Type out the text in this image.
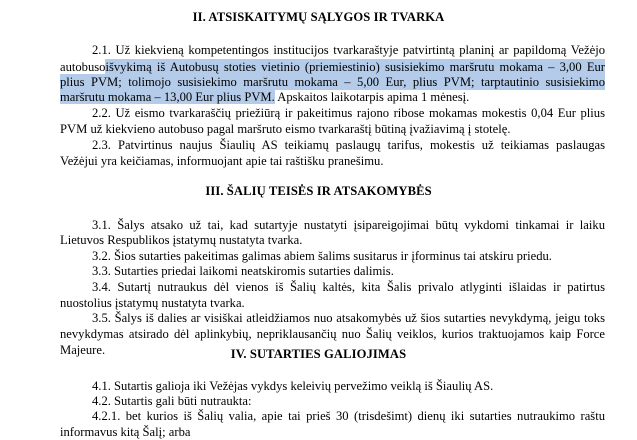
II. ATSISKAITYMŲ SĄLYGOS IR TVARKA
2.1. Už kiekvieną kompetentingos institucijos tvarkaraštyje patvirtintą planinį ar papildomą Vežėjo
autobuso išvykimą iš Autobusų stoties vietinio (priemiestinio) susisiekimo maršrutu mokama – 3,00 Eur
plius PVM; tolimojo susisiekimo maršrutu mokama – 5,00 Eur, plius PVM; tarptautinio susisiekimo
maršrutu mokama – 13,00 Eur plius PVM. Apskaitos laikotarpis apima 1 mėnesį.
2.2. Už eismo tvarkaraščių priežiūrą ir pakeitimus rajono ribose mokamas mokestis 0,04 Eur plius
PVM už kiekvieno autobuso pagal maršruto eismo tvarkaraštį būtiną įvažiavimą į stotelę.
2.3. Patvirtinus naujus Šiaulių AS teikiamų paslaugų tarifus, mokestis už teikiamas paslaugas
Vežėjui yra keičiamas, informuojant apie tai raštišku pranešimu.
III. ŠALIŲ TEISĖS IR ATSAKOMYBĖS
3.1. Šalys atsako už tai, kad sutartyje nustatyti įsipareigojimai būtų vykdomi tinkamai ir laiku
Lietuvos Respublikos įstatymų nustatyta tvarka.
3.2. Šios sutarties pakeitimas galimas abiem šalims susitarus ir įforminus tai atskiru priedu.
3.3. Sutarties priedai laikomi neatskiromis sutarties dalimis.
3.4. Sutartį nutraukus dėl vienos iš Šalių kaltės, kita Šalis privalo atlyginti išlaidas ir patirtus
nuostolius įstatymų nustatyta tvarka.
3.5. Šalys iš dalies ar visiškai atleidžiamos nuo atsakomybės už šios sutarties nevykdymą, jeigu toks
nevykdymas atsirado dėl aplinkybių, nepriklausančių nuo Šalių veiklos, kurios traktuojamos kaip Force
Majeure.	IV. SUTARTIES GALIOJIMAS
4.1. Sutartis galioja iki Vežėjas vykdys keleivių pervežimo veiklą iš Šiaulių AS.
4.2. Sutartis gali būti nutraukta:
4.2.1. bet kurios iš Šalių valia, apie tai prieš 30 (trisdešimt) dienų iki sutarties nutraukimo raštu
informavus kitą Šalį; arba
